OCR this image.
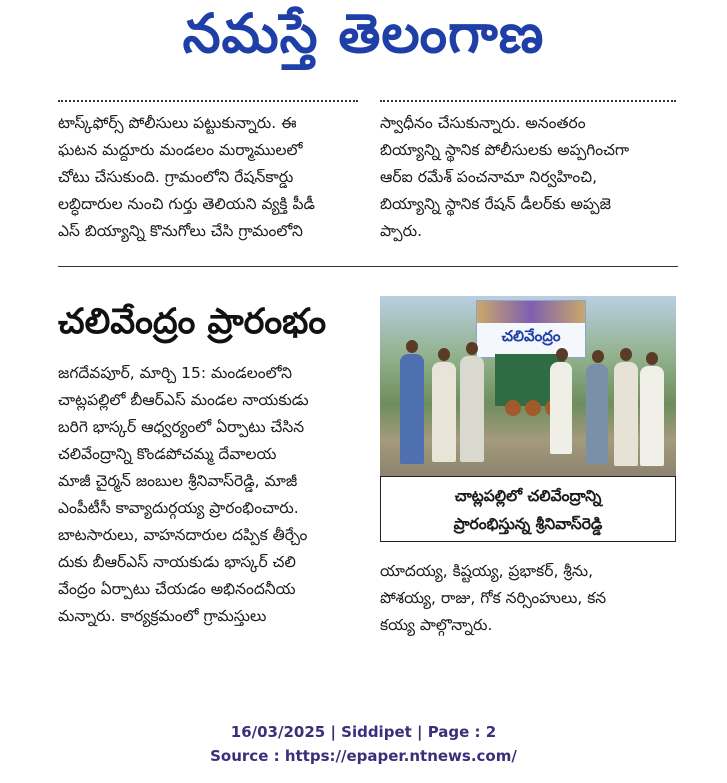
నమస్తే తెలంగాణ

టాస్క్‌ఫోర్స్ పోలీసులు పట్టుకున్నారు. ఈ

ఘటన మద్దూరు మండలం మర్మాములలో

చోటు చేసుకుంది. గ్రామంలోని రేషన్‌కార్డు

లబ్ధిదారుల నుంచి గుర్తు తెలియని వ్యక్తి పీడీ

ఎస్ బియ్యాన్ని కొనుగోలు చేసి గ్రామంలోని

స్వాధీనం చేసుకున్నారు. అనంతరం

బియ్యాన్ని స్థానిక పోలీసులకు అప్పగించగా

ఆర్ఐ రమేశ్ పంచనామా నిర్వహించి,

బియ్యాన్ని స్థానిక రేషన్ డీలర్‌కు అప్పజె

ప్పారు.

చలివేంద్రం ప్రారంభం

జగదేవపూర్, మార్చి 15: మండలంలోని

చాట్లపల్లిలో బీఆర్ఎస్ మండల నాయకుడు

బరిగె భాస్కర్ ఆధ్వర్యంలో ఏర్పాటు చేసిన

చలివేంద్రాన్ని కొండపోచమ్మ దేవాలయ

మాజీ చైర్మన్ జంబుల శ్రీనివాస్‌రెడ్డి, మాజీ

ఎంపీటీసీ కావ్యాదుర్గయ్య ప్రారంభించారు.

బాటసారులు, వాహనదారుల దప్పిక తీర్చేం

దుకు బీఆర్ఎస్ నాయకుడు భాస్కర్ చలి

వేంద్రం ఏర్పాటు చేయడం అభినందనీయ

మన్నారు. కార్యక్రమంలో గ్రామస్తులు

చలివేంద్రం

చాట్లపల్లిలో చలివేంద్రాన్ని

ప్రారంభిస్తున్న శ్రీనివాస్‌రెడ్డి

యాదయ్య, కిష్టయ్య, ప్రభాకర్, శ్రీను,

పోశయ్య, రాజు, గోక నర్సింహులు, కన

కయ్య పాల్గొన్నారు.

16/03/2025 | Siddipet | Page : 2
Source : https://epaper.ntnews.com/
